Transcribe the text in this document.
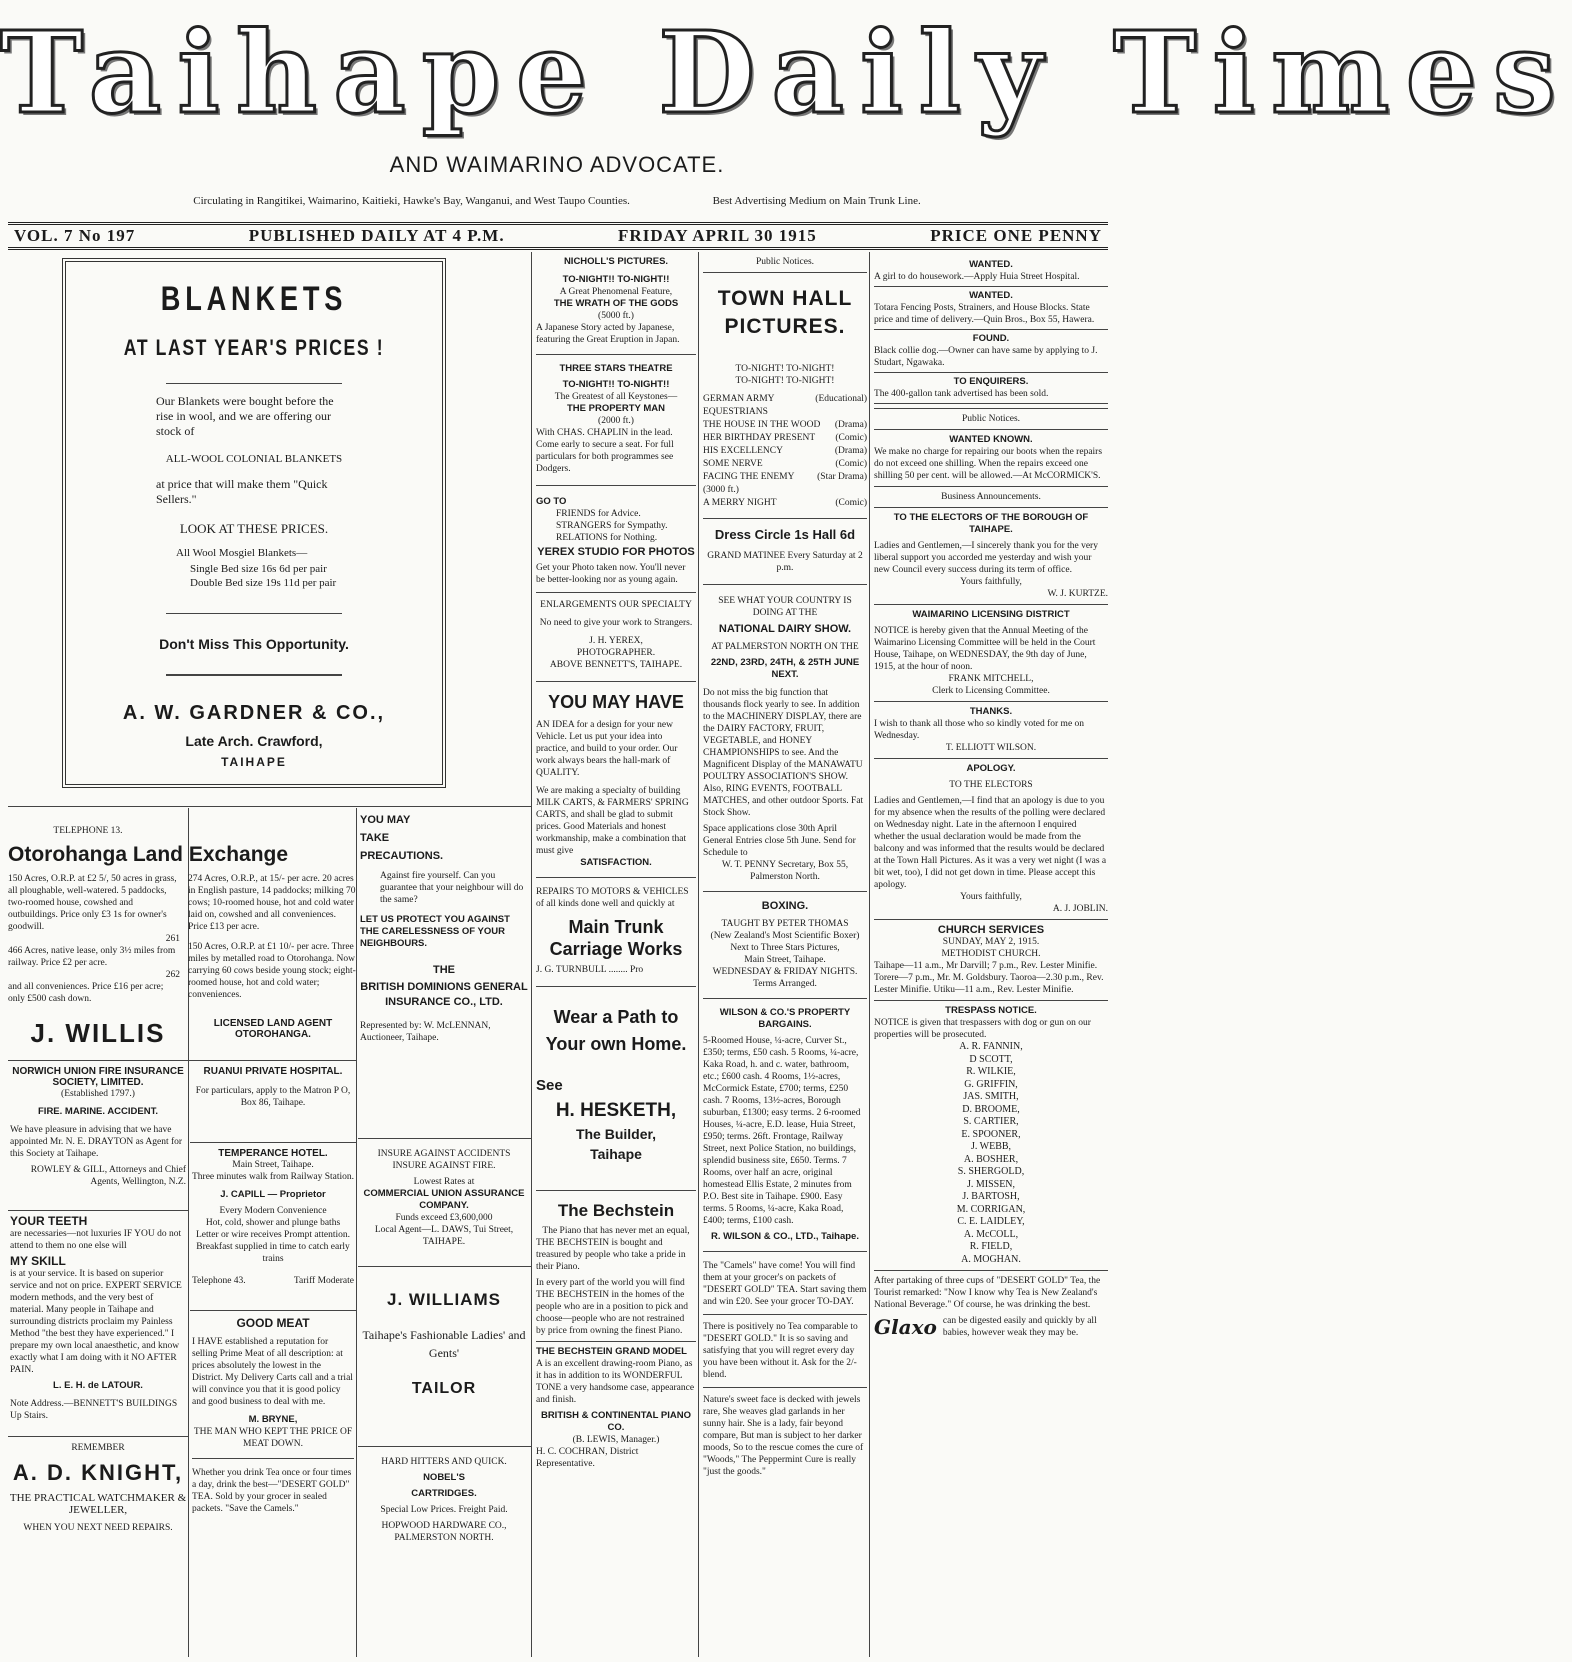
Taihape Daily Times
AND WAIMARINO ADVOCATE.
Circulating in Rangitikei, Waimarino, Kaitieki, Hawke's Bay, Wanganui, and West Taupo Counties.	Best Advertising Medium on Main Trunk Line.
VOL. 7 No 197	PUBLISHED DAILY AT 4 P.M.	FRIDAY APRIL 30 1915	PRICE ONE PENNY
BLANKETS
AT LAST YEAR'S PRICES !

Our Blankets were bought before the rise in wool, and we are offering our stock of

ALL-WOOL COLONIAL BLANKETS

at price that will make them "Quick Sellers."

LOOK AT THESE PRICES.

All Wool Mosgiel Blankets—

Single Bed size 16s 6d per pair

Double Bed size 19s 11d per pair

Don't Miss This Opportunity.

A. W. GARDNER & CO.,

Late Arch. Crawford,

TAIHAPE

TELEPHONE 13.

Otorohanga Land Exchange

150 Acres, O.R.P. at £2 5/, 50 acres in grass, all ploughable, well-watered. 5 paddocks, two-roomed house, cowshed and outbuildings. Price only £3 1s for owner's goodwill.

261

466 Acres, native lease, only 3½ miles from railway. Price £2 per acre.

262

and all conveniences. Price £16 per acre; only £500 cash down.

274 Acres, O.R.P., at 15/- per acre. 20 acres in English pasture, 14 paddocks; milking 70 cows; 10-roomed house, hot and cold water laid on, cowshed and all conveniences. Price £13 per acre.

150 Acres, O.R.P. at £1 10/- per acre. Three miles by metalled road to Otorohanga. Now carrying 60 cows beside young stock; eight-roomed house, hot and cold water; conveniences.

J. WILLIS	LICENSED LAND AGENT OTOROHANGA.

NORWICH UNION FIRE INSURANCE SOCIETY, LIMITED.

(Established 1797.)

FIRE. MARINE. ACCIDENT.

We have pleasure in advising that we have appointed Mr. N. E. DRAYTON as Agent for this Society at Taihape.

ROWLEY & GILL, Attorneys and Chief Agents, Wellington, N.Z.

YOUR TEETH

are necessaries—not luxuries IF YOU do not attend to them no one else will

MY SKILL

is at your service. It is based on superior service and not on price. EXPERT SERVICE modern methods, and the very best of material. Many people in Taihape and surrounding districts proclaim my Painless Method "the best they have experienced." I prepare my own local anaesthetic, and know exactly what I am doing with it NO AFTER PAIN.

L. E. H. de LATOUR.

Note Address.—BENNETT'S BUILDINGS Up Stairs.

REMEMBER

A. D. KNIGHT,

THE PRACTICAL WATCHMAKER & JEWELLER,

WHEN YOU NEXT NEED REPAIRS.

RUANUI PRIVATE HOSPITAL.

For particulars, apply to the Matron P O, Box 86, Taihape.

TEMPERANCE HOTEL.

Main Street, Taihape.

Three minutes walk from Railway Station.

J. CAPILL — Proprietor

Every Modern Convenience

Hot, cold, shower and plunge baths

Letter or wire receives Prompt attention.

Breakfast supplied in time to catch early trains

Telephone 43.	Tariff Moderate

GOOD MEAT

I HAVE established a reputation for selling Prime Meat of all description: at prices absolutely the lowest in the District. My Delivery Carts call and a trial will convince you that it is good policy and good business to deal with me.

M. BRYNE,

THE MAN WHO KEPT THE PRICE OF MEAT DOWN.

Whether you drink Tea once or four times a day, drink the best—"DESERT GOLD" TEA. Sold by your grocer in sealed packets. "Save the Camels."

YOU MAY

TAKE

PRECAUTIONS.

Against fire yourself. Can you guarantee that your neighbour will do the same?

LET US PROTECT YOU AGAINST THE CARELESSNESS OF YOUR NEIGHBOURS.

THE

BRITISH DOMINIONS GENERAL INSURANCE CO., LTD.

Represented by: W. McLENNAN, Auctioneer, Taihape.

INSURE AGAINST ACCIDENTS

INSURE AGAINST FIRE.

Lowest Rates at

COMMERCIAL UNION ASSURANCE COMPANY.

Funds exceed £3,600,000

Local Agent—L. DAWS, Tui Street, TAIHAPE.

J. WILLIAMS

Taihape's Fashionable Ladies' and Gents'

TAILOR

HARD HITTERS AND QUICK.

NOBEL'S

CARTRIDGES.

Special Low Prices. Freight Paid.

HOPWOOD HARDWARE CO., PALMERSTON NORTH.

NICHOLL'S PICTURES.

TO-NIGHT!! TO-NIGHT!!

A Great Phenomenal Feature,

THE WRATH OF THE GODS

(5000 ft.)

A Japanese Story acted by Japanese, featuring the Great Eruption in Japan.

THREE STARS THEATRE

TO-NIGHT!! TO-NIGHT!!

The Greatest of all Keystones—

THE PROPERTY MAN

(2000 ft.)

With CHAS. CHAPLIN in the lead. Come early to secure a seat. For full particulars for both programmes see Dodgers.

GO TO

FRIENDS for Advice.

STRANGERS for Sympathy.

RELATIONS for Nothing.

YEREX STUDIO FOR PHOTOS

Get your Photo taken now. You'll never be better-looking nor as young again.

ENLARGEMENTS OUR SPECIALTY

No need to give your work to Strangers.

J. H. YEREX,

PHOTOGRAPHER.

ABOVE BENNETT'S, TAIHAPE.

YOU MAY HAVE

AN IDEA for a design for your new Vehicle. Let us put your idea into practice, and build to your order. Our work always bears the hall-mark of QUALITY.

We are making a specialty of building MILK CARTS, & FARMERS' SPRING CARTS, and shall be glad to submit prices. Good Materials and honest workmanship, make a combination that must give

SATISFACTION.

REPAIRS TO MOTORS & VEHICLES of all kinds done well and quickly at

Main Trunk Carriage Works

J. G. TURNBULL ........ Pro

Wear a Path to

Your own Home.

See

H. HESKETH,

The Builder,

Taihape

The Bechstein

The Piano that has never met an equal,

THE BECHSTEIN is bought and treasured by people who take a pride in their Piano.

In every part of the world you will find THE BECHSTEIN in the homes of the people who are in a position to pick and choose—people who are not restrained by price from owning the finest Piano.

THE BECHSTEIN GRAND MODEL

A is an excellent drawing-room Piano, as it has in addition to its WONDERFUL TONE a very handsome case, appearance and finish.

BRITISH & CONTINENTAL PIANO CO.

(B. LEWIS, Manager.)

H. C. COCHRAN, District Representative.

Public Notices.

TOWN HALL PICTURES.

TO-NIGHT! TO-NIGHT!

TO-NIGHT! TO-NIGHT!

GERMAN ARMY EQUESTRIANS
(Educational)
THE HOUSE IN THE WOOD (Drama)
HER BIRTHDAY PRESENT (Comic)
HIS EXCELLENCY	(Drama)
SOME NERVE	(Comic)
FACING THE ENEMY (Star Drama)
(3000 ft.)
A MERRY NIGHT	(Comic)

Dress Circle 1s Hall 6d

GRAND MATINEE Every Saturday at 2 p.m.

SEE WHAT YOUR COUNTRY IS DOING AT THE

NATIONAL DAIRY SHOW.

AT PALMERSTON NORTH ON THE

22ND, 23RD, 24TH, & 25TH JUNE NEXT.

Do not miss the big function that thousands flock yearly to see. In addition to the MACHINERY DISPLAY, there are the DAIRY FACTORY, FRUIT, VEGETABLE, and HONEY CHAMPIONSHIPS to see. And the Magnificent Display of the MANAWATU POULTRY ASSOCIATION'S SHOW. Also, RING EVENTS, FOOTBALL MATCHES, and other outdoor Sports. Fat Stock Show.

Space applications close 30th April General Entries close 5th June. Send for Schedule to

W. T. PENNY Secretary, Box 55, Palmerston North.

BOXING.

TAUGHT BY PETER THOMAS

(New Zealand's Most Scientific Boxer)

Next to Three Stars Pictures,

Main Street, Taihape.

WEDNESDAY & FRIDAY NIGHTS.

Terms Arranged.

WILSON & CO.'S PROPERTY BARGAINS.

5-Roomed House, ¼-acre, Curver St., £350; terms, £50 cash. 5 Rooms, ¼-acre, Kaka Road, h. and c. water, bathroom, etc.; £600 cash. 4 Rooms, 1½-acres, McCormick Estate, £700; terms, £250 cash. 7 Rooms, 13½-acres, Borough suburban, £1300; easy terms. 2 6-roomed Houses, ¼-acre, E.D. lease, Huia Street, £950; terms. 26ft. Frontage, Railway Street, next Police Station, no buildings, splendid business site, £650. Terms. 7 Rooms, over half an acre, original homestead Ellis Estate, 2 minutes from P.O. Best site in Taihape. £900. Easy terms. 5 Rooms, ¼-acre, Kaka Road, £400; terms, £100 cash.

R. WILSON & CO., LTD., Taihape.

The "Camels" have come! You will find them at your grocer's on packets of "DESERT GOLD" TEA. Start saving them and win £20. See your grocer TO-DAY.

There is positively no Tea comparable to "DESERT GOLD." It is so saving and satisfying that you will regret every day you have been without it. Ask for the 2/- blend.

Nature's sweet face is decked with jewels rare, She weaves glad garlands in her sunny hair. She is a lady, fair beyond compare, But man is subject to her darker moods, So to the rescue comes the cure of "Woods," The Peppermint Cure is really "just the goods."

WANTED.

A girl to do housework.—Apply Huia Street Hospital.

WANTED.

Totara Fencing Posts, Strainers, and House Blocks. State price and time of delivery.—Quin Bros., Box 55, Hawera.

FOUND.

Black collie dog.—Owner can have same by applying to J. Studart, Ngawaka.

TO ENQUIRERS.

The 400-gallon tank advertised has been sold.

Public Notices.

WANTED KNOWN.

We make no charge for repairing our boots when the repairs do not exceed one shilling. When the repairs exceed one shilling 50 per cent. will be allowed.—At McCORMICK'S.

Business Announcements.

TO THE ELECTORS OF THE BOROUGH OF TAIHAPE.

Ladies and Gentlemen,—I sincerely thank you for the very liberal support you accorded me yesterday and wish your new Council every success during its term of office.

Yours faithfully,

W. J. KURTZE.

WAIMARINO LICENSING DISTRICT

NOTICE is hereby given that the Annual Meeting of the Waimarino Licensing Committee will be held in the Court House, Taihape, on WEDNESDAY, the 9th day of June, 1915, at the hour of noon.

FRANK MITCHELL,

Clerk to Licensing Committee.

THANKS.

I wish to thank all those who so kindly voted for me on Wednesday.

T. ELLIOTT WILSON.

APOLOGY.

TO THE ELECTORS

Ladies and Gentlemen,—I find that an apology is due to you for my absence when the results of the polling were declared on Wednesday night. Late in the afternoon I enquired whether the usual declaration would be made from the balcony and was informed that the results would be declared at the Town Hall Pictures. As it was a very wet night (I was a bit wet, too), I did not get down in time. Please accept this apology.

Yours faithfully,

A. J. JOBLIN.

CHURCH SERVICES

SUNDAY, MAY 2, 1915.

METHODIST CHURCH.

Taihape—11 a.m., Mr Darvill; 7 p.m., Rev. Lester Minifie. Torere—7 p.m., Mr. M. Goldsbury. Taoroa—2.30 p.m., Rev. Lester Minifie. Utiku—11 a.m., Rev. Lester Minifie.

TRESPASS NOTICE.

NOTICE is given that trespassers with dog or gun on our properties will be prosecuted.

A. R. FANNIN,
D SCOTT,
R. WILKIE,
G. GRIFFIN,
JAS. SMITH,
D. BROOME,
S. CARTIER,
E. SPOONER,
J. WEBB,
A. BOSHER,
S. SHERGOLD,
J. MISSEN,
J. BARTOSH,
M. CORRIGAN,
C. E. LAIDLEY,
A. McCOLL,
R. FIELD,
A. MOGHAN.

After partaking of three cups of "DESERT GOLD" Tea, the Tourist remarked: "Now I know why Tea is New Zealand's National Beverage." Of course, he was drinking the best.

Glaxo can be digested easily and quickly by all babies, however weak they may be.
